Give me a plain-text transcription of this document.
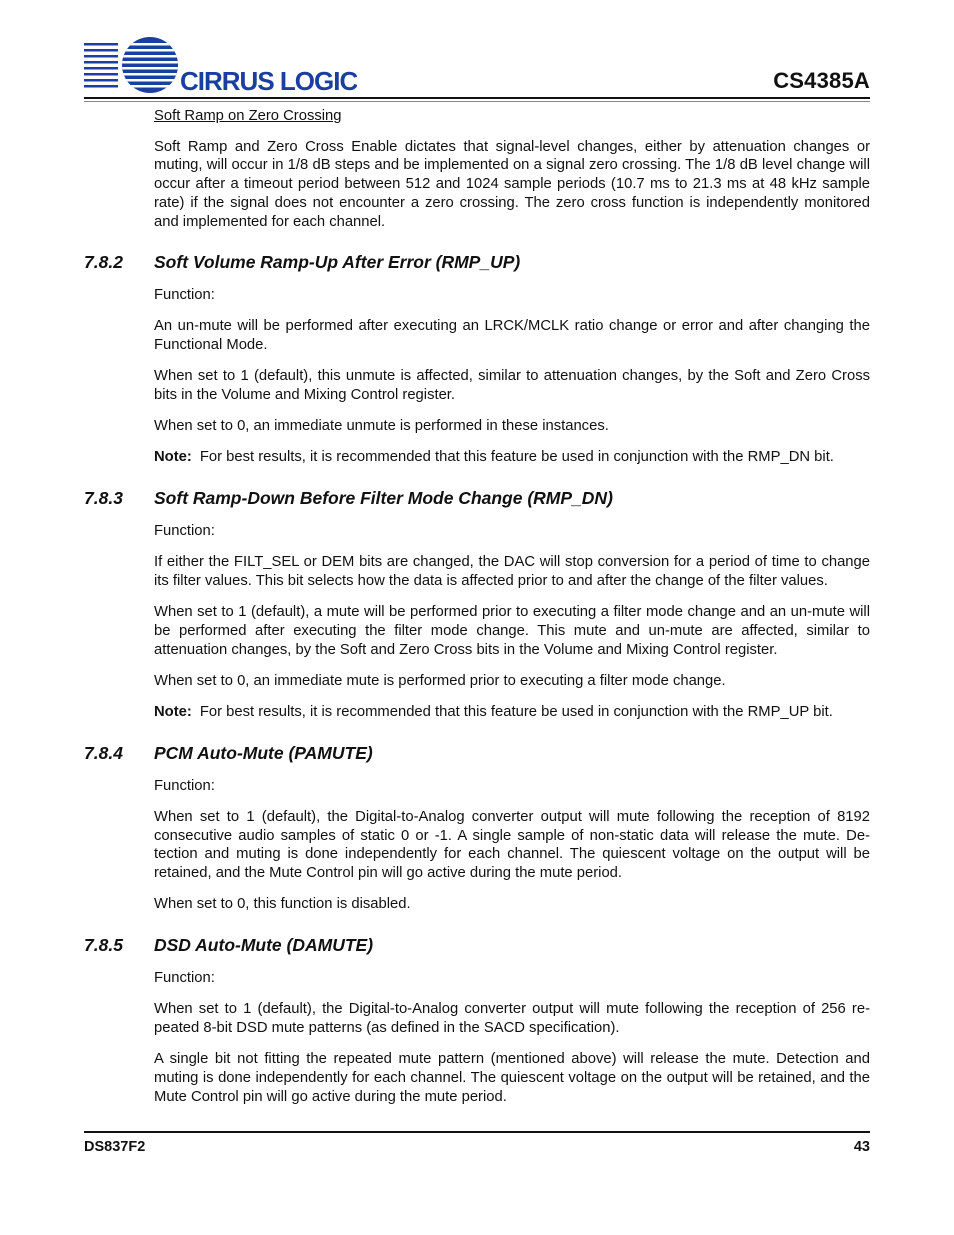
CIRRUS LOGIC	CS4385A

Soft Ramp on Zero Crossing

Soft Ramp and Zero Cross Enable dictates that signal-level changes, either by attenuation changes or muting, will occur in 1/8 dB steps and be implemented on a signal zero crossing. The 1/8 dB level change will occur after a timeout period between 512 and 1024 sample periods (10.7 ms to 21.3 ms at 48 kHz sample rate) if the signal does not encounter a zero crossing. The zero cross function is independently monitored and implemented for each channel.

7.8.2	Soft Volume Ramp-Up After Error (RMP_UP)

Function:

An un-mute will be performed after executing an LRCK/MCLK ratio change or error and after changing the Functional Mode.

When set to 1 (default), this unmute is affected, similar to attenuation changes, by the Soft and Zero Cross bits in the Volume and Mixing Control register.

When set to 0, an immediate unmute is performed in these instances.

Note: For best results, it is recommended that this feature be used in conjunction with the RMP_DN bit.

7.8.3	Soft Ramp-Down Before Filter Mode Change (RMP_DN)

Function:

If either the FILT_SEL or DEM bits are changed, the DAC will stop conversion for a period of time to change its filter values. This bit selects how the data is affected prior to and after the change of the filter values.

When set to 1 (default), a mute will be performed prior to executing a filter mode change and an un-mute will be performed after executing the filter mode change. This mute and un-mute are affected, similar to attenuation changes, by the Soft and Zero Cross bits in the Volume and Mixing Control register.

When set to 0, an immediate mute is performed prior to executing a filter mode change.

Note: For best results, it is recommended that this feature be used in conjunction with the RMP_UP bit.

7.8.4	PCM Auto-Mute (PAMUTE)

Function:

When set to 1 (default), the Digital-to-Analog converter output will mute following the reception of 8192 consecutive audio samples of static 0 or -1. A single sample of non-static data will release the mute. De-tection and muting is done independently for each channel. The quiescent voltage on the output will be retained, and the Mute Control pin will go active during the mute period.

When set to 0, this function is disabled.

7.8.5	DSD Auto-Mute (DAMUTE)

Function:

When set to 1 (default), the Digital-to-Analog converter output will mute following the reception of 256 re-peated 8-bit DSD mute patterns (as defined in the SACD specification).

A single bit not fitting the repeated mute pattern (mentioned above) will release the mute. Detection and muting is done independently for each channel. The quiescent voltage on the output will be retained, and the Mute Control pin will go active during the mute period.

DS837F2	43
